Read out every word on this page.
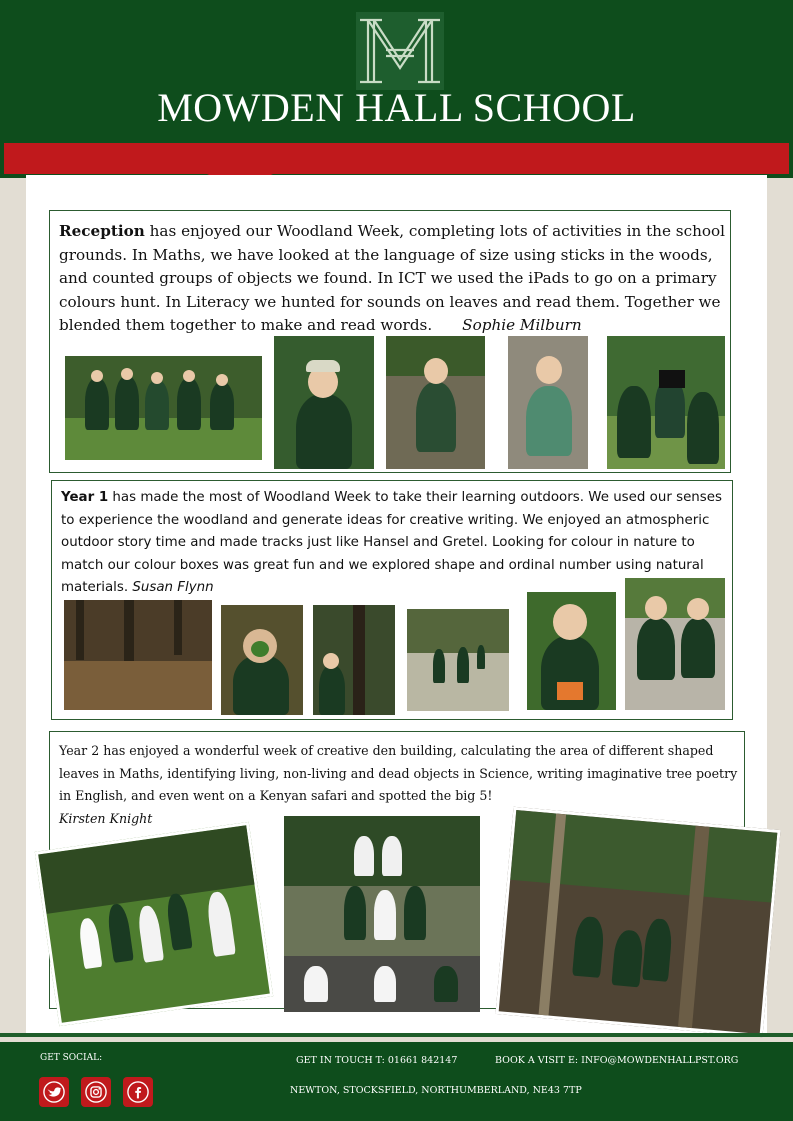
MOWDEN HALL SCHOOL
Reception has enjoyed our Woodland Week, completing lots of activities in the school grounds. In Maths, we have looked at the language of size using sticks in the woods, and counted groups of objects we found. In ICT we used the iPads to go on a primary colours hunt. In Literacy we hunted for sounds on leaves and read them. Together we blended them together to make and read words. Sophie Milburn
Year 1 has made the most of Woodland Week to take their learning outdoors. We used our senses to experience the woodland and generate ideas for creative writing. We enjoyed an atmospheric outdoor story time and made tracks just like Hansel and Gretel. Looking for colour in nature to match our colour boxes was great fun and we explored shape and ordinal number using natural materials. Susan Flynn
Year 2 has enjoyed a wonderful week of creative den building, calculating the area of different shaped leaves in Maths, identifying living, non-living and dead objects in Science, writing imaginative tree poetry in English, and even went on a Kenyan safari and spotted the big 5!
Kirsten Knight
GET SOCIAL:	GET IN TOUCH T: 01661 842147	BOOK A VISIT E: INFO@MOWDENHALLPST.ORG
NEWTON, STOCKSFIELD, NORTHUMBERLAND, NE43 7TP
